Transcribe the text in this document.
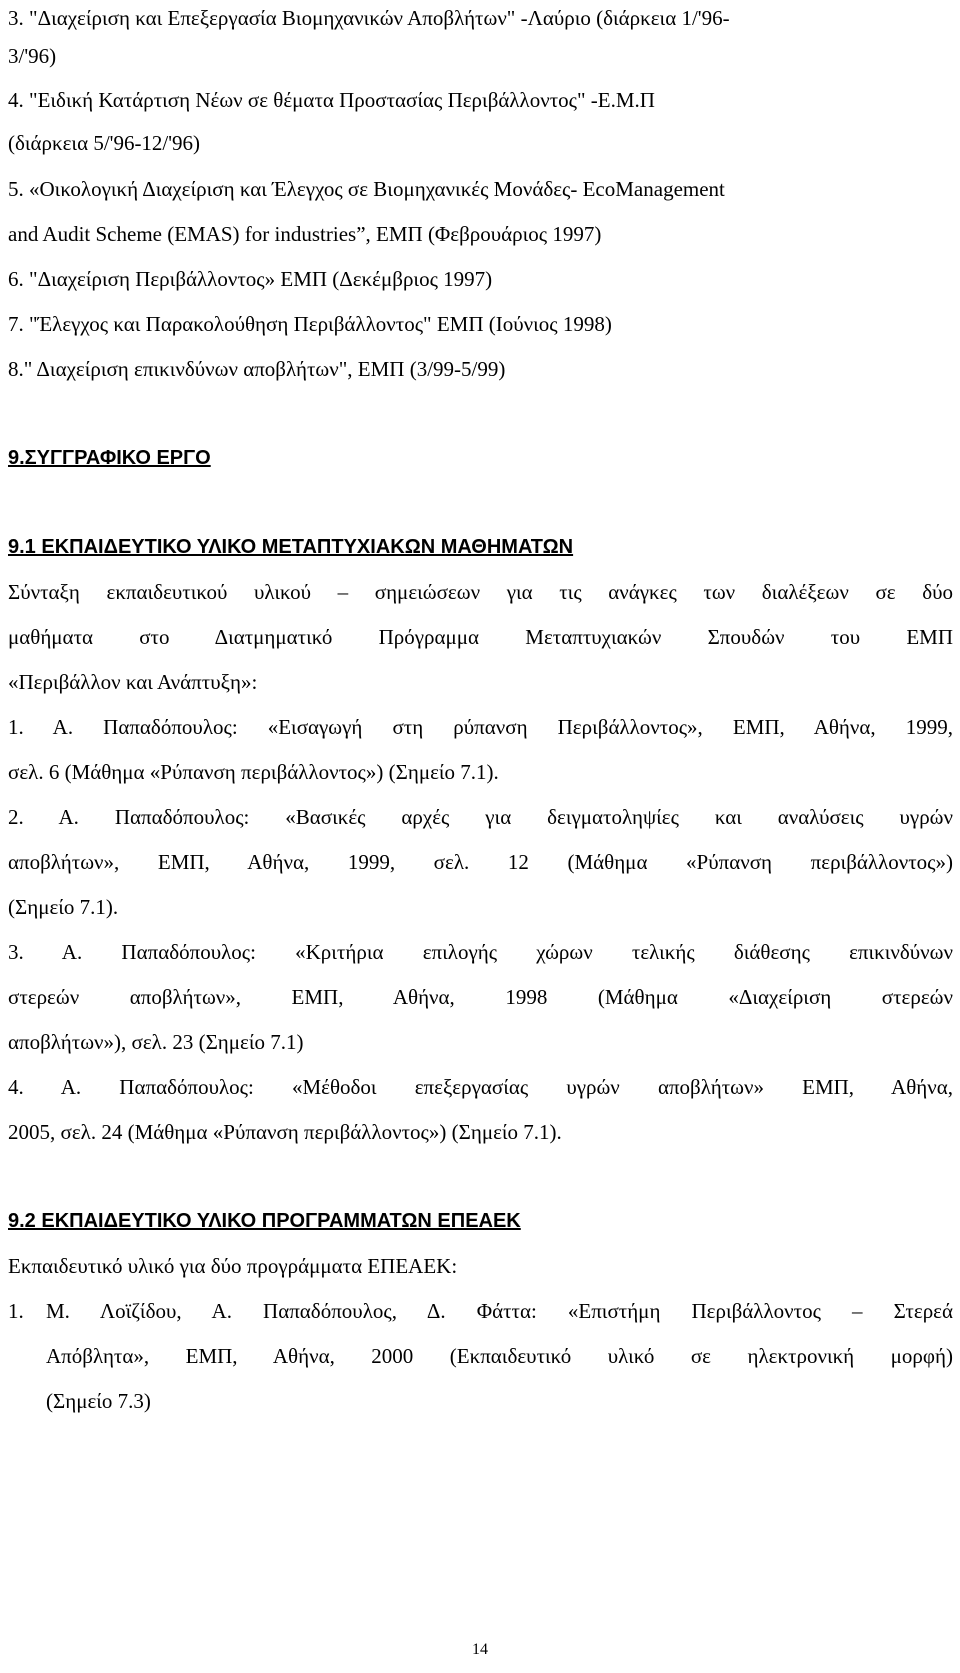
3. "Διαχείριση και Επεξεργασία Βιομηχανικών Αποβλήτων" -Λαύριο (διάρκεια 1/'96-
3/'96)
4. "Ειδική Κατάρτιση Νέων σε θέματα Προστασίας Περιβάλλοντος" -Ε.Μ.Π
(διάρκεια 5/'96-12/'96)
5. «Οικολογική Διαχείριση και Έλεγχος σε Βιομηχανικές Μονάδες- EcoManagement
and Audit Scheme (EMAS) for industries”, ΕΜΠ (Φεβρουάριος 1997)
6. "Διαχείριση Περιβάλλοντος» ΕΜΠ (Δεκέμβριος 1997)
7. "Έλεγχος και Παρακολούθηση Περιβάλλοντος" ΕΜΠ (Ιούνιος 1998)
8." Διαχείριση επικινδύνων αποβλήτων", ΕΜΠ (3/99-5/99)
9.ΣΥΓΓΡΑΦΙΚΟ ΕΡΓΟ
9.1 ΕΚΠΑΙΔΕΥΤΙΚΟ ΥΛΙΚΟ ΜΕΤΑΠΤΥΧΙΑΚΩΝ ΜΑΘΗΜΑΤΩΝ
Σύνταξη εκπαιδευτικού υλικού – σημειώσεων για τις ανάγκες των διαλέξεων σε δύο
μαθήματα στο Διατμηματικό Πρόγραμμα Μεταπτυχιακών Σπουδών του ΕΜΠ
«Περιβάλλον και Ανάπτυξη»:
1. Α. Παπαδόπουλος: «Εισαγωγή στη ρύπανση Περιβάλλοντος», ΕΜΠ, Αθήνα, 1999,
σελ. 6 (Μάθημα «Ρύπανση περιβάλλοντος») (Σημείο 7.1).
2. Α. Παπαδόπουλος: «Βασικές αρχές για δειγματοληψίες και αναλύσεις υγρών
αποβλήτων», ΕΜΠ, Αθήνα, 1999, σελ. 12 (Μάθημα «Ρύπανση περιβάλλοντος»)
(Σημείο 7.1).
3. Α. Παπαδόπουλος: «Κριτήρια επιλογής χώρων τελικής διάθεσης επικινδύνων
στερεών αποβλήτων», ΕΜΠ, Αθήνα, 1998 (Μάθημα «Διαχείριση στερεών
αποβλήτων»), σελ. 23 (Σημείο 7.1)
4. Α. Παπαδόπουλος: «Μέθοδοι επεξεργασίας υγρών αποβλήτων» ΕΜΠ, Αθήνα,
2005, σελ. 24 (Μάθημα «Ρύπανση περιβάλλοντος») (Σημείο 7.1).
9.2 ΕΚΠΑΙΔΕΥΤΙΚΟ ΥΛΙΚΟ ΠΡΟΓΡΑΜΜΑΤΩΝ ΕΠΕΑΕΚ
Εκπαιδευτικό υλικό για δύο προγράμματα ΕΠΕΑΕΚ:
1. Μ. Λοϊζίδου, Α. Παπαδόπουλος, Δ. Φάττα: «Επιστήμη Περιβάλλοντος – Στερεά
Απόβλητα», ΕΜΠ, Αθήνα, 2000 (Εκπαιδευτικό υλικό σε ηλεκτρονική μορφή)
(Σημείο 7.3)
14
